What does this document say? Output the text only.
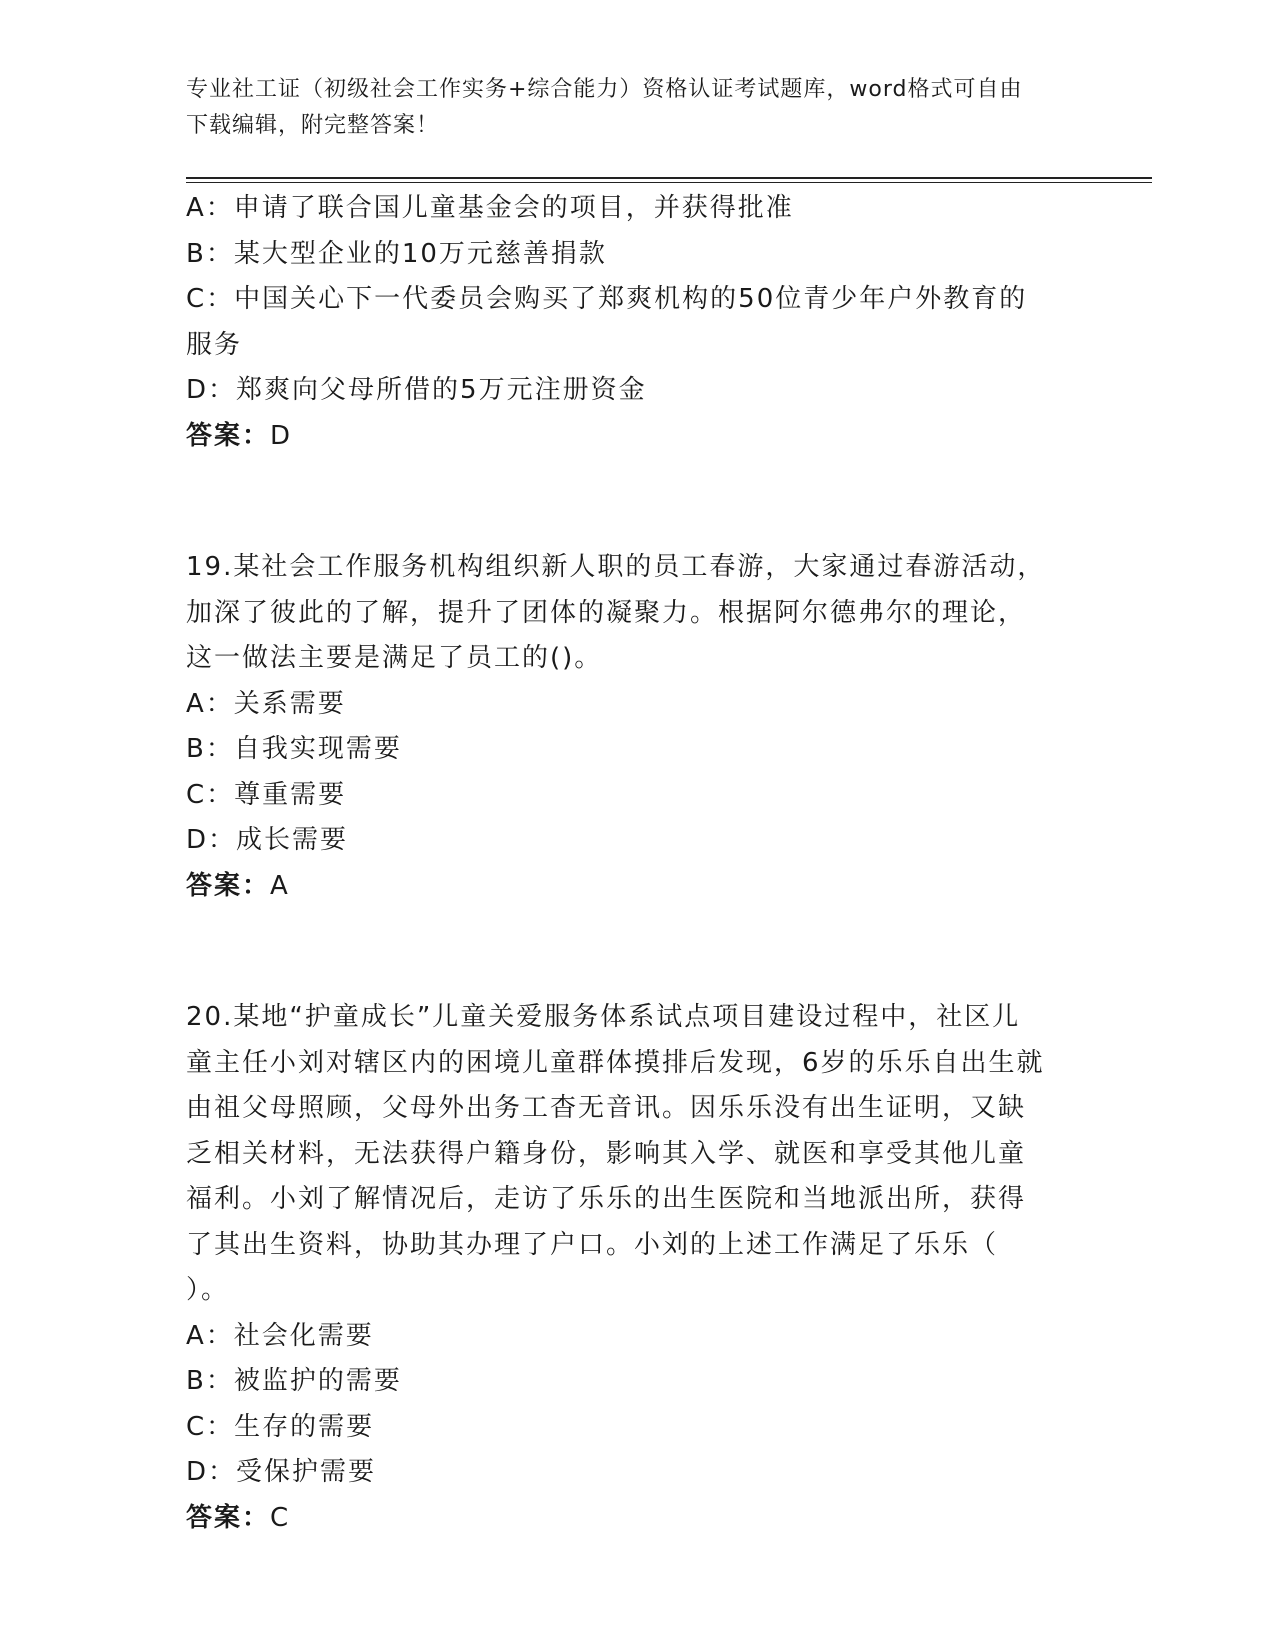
专业社工证（初级社会工作实务+综合能力）资格认证考试题库，word格式可自由
下载编辑，附完整答案！
A：申请了联合国儿童基金会的项目，并获得批准
B：某大型企业的10万元慈善捐款
C：中国关心下一代委员会购买了郑爽机构的50位青少年户外教育的
服务
D：郑爽向父母所借的5万元注册资金
答案：D
19.某社会工作服务机构组织新人职的员工春游，大家通过春游活动，
加深了彼此的了解，提升了团体的凝聚力。根据阿尔德弗尔的理论，
这一做法主要是满足了员工的()。
A：关系需要
B：自我实现需要
C：尊重需要
D：成长需要
答案：A
20.某地“护童成长”儿童关爱服务体系试点项目建设过程中，社区儿
童主任小刘对辖区内的困境儿童群体摸排后发现，6岁的乐乐自出生就
由祖父母照顾，父母外出务工杳无音讯。因乐乐没有出生证明，又缺
乏相关材料，无法获得户籍身份，影响其入学、就医和享受其他儿童
福利。小刘了解情况后，走访了乐乐的出生医院和当地派出所，获得
了其出生资料，协助其办理了户口。小刘的上述工作满足了乐乐（
）。
A：社会化需要
B：被监护的需要
C：生存的需要
D：受保护需要
答案：C
